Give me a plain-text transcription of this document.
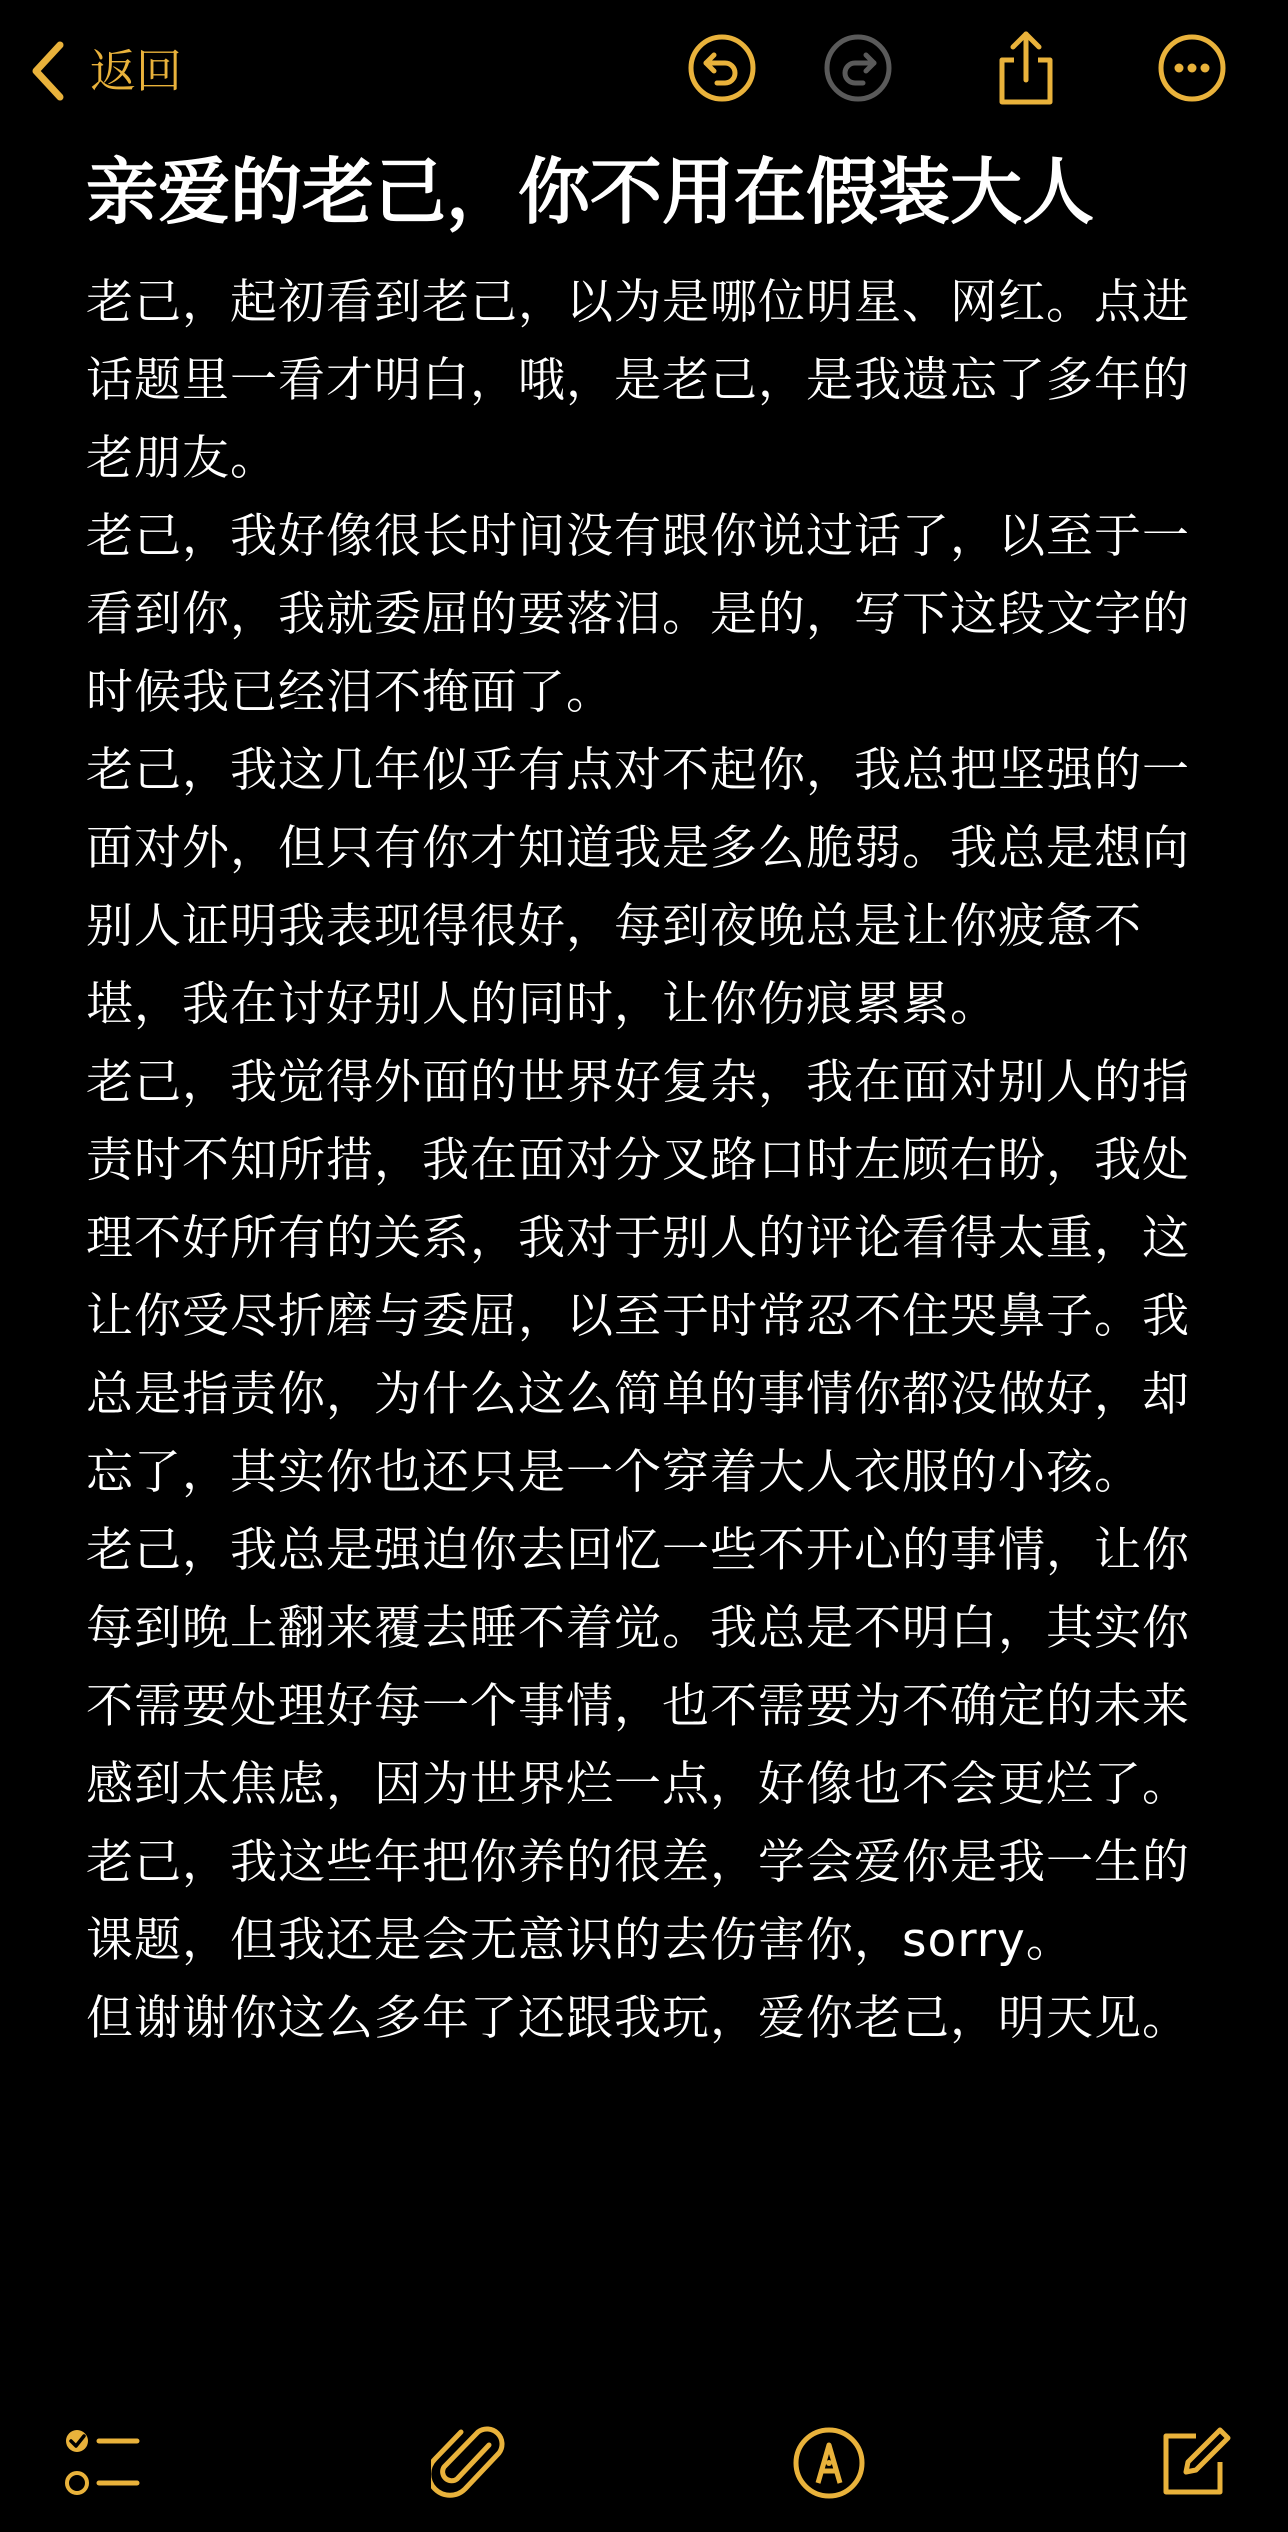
返回
亲爱的老己，你不用在假装大人

老己，起初看到老己，以为是哪位明星、网红。点进话题里一看才明白，哦，是老己，是我遗忘了多年的老朋友。

老己，我好像很长时间没有跟你说过话了，以至于一看到你，我就委屈的要落泪。是的，写下这段文字的时候我已经泪不掩面了。

老己，我这几年似乎有点对不起你，我总把坚强的一面对外，但只有你才知道我是多么脆弱。我总是想向别人证明我表现得很好，每到夜晚总是让你疲惫不堪，我在讨好别人的同时，让你伤痕累累。

老己，我觉得外面的世界好复杂，我在面对别人的指责时不知所措，我在面对分叉路口时左顾右盼，我处理不好所有的关系，我对于别人的评论看得太重，这让你受尽折磨与委屈，以至于时常忍不住哭鼻子。我总是指责你，为什么这么简单的事情你都没做好，却忘了，其实你也还只是一个穿着大人衣服的小孩。

老己，我总是强迫你去回忆一些不开心的事情，让你每到晚上翻来覆去睡不着觉。我总是不明白，其实你不需要处理好每一个事情，也不需要为不确定的未来感到太焦虑，因为世界烂一点，好像也不会更烂了。

老己，我这些年把你养的很差，学会爱你是我一生的课题，但我还是会无意识的去伤害你，sorry。

但谢谢你这么多年了还跟我玩，爱你老己，明天见。
